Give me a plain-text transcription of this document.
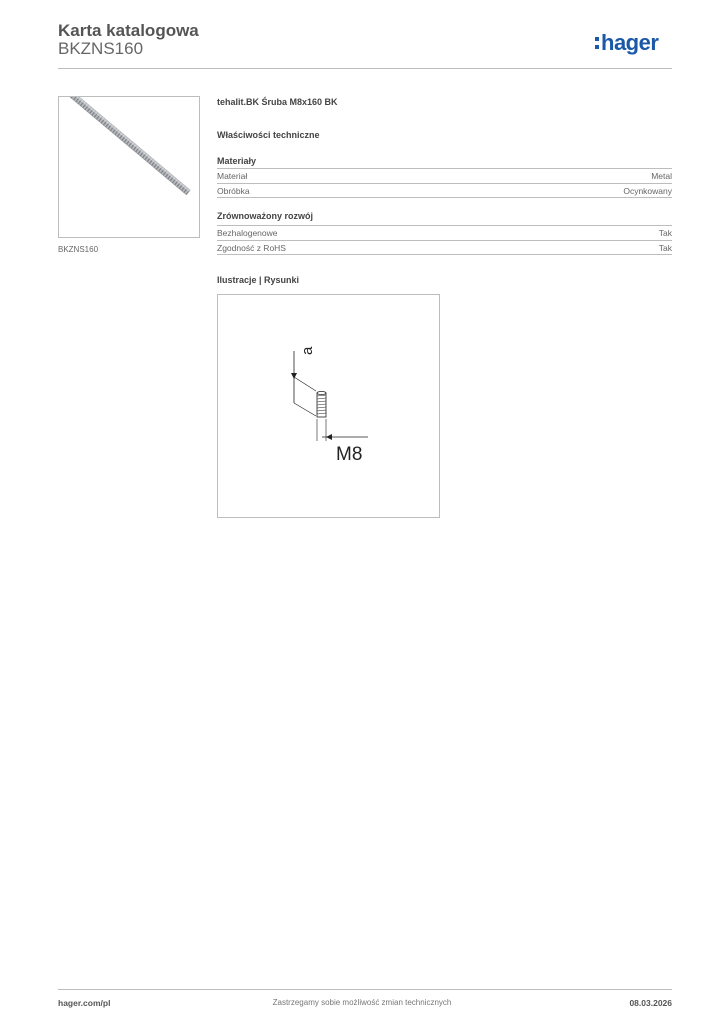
Karta katalogowa
BKZNS160	hager
BKZNS160
tehalit.BK Śruba M8x160 BK
Właściwości techniczne
Materiały
Materiał	Metal
Obróbka	Ocynkowany
Zrównoważony rozwój
Bezhalogenowe	Tak
Zgodność z RoHS	Tak
Ilustracje | Rysunki
a
M8
hager.com/pl	Zastrzegamy sobie możliwość zmian technicznych	08.03.2026
